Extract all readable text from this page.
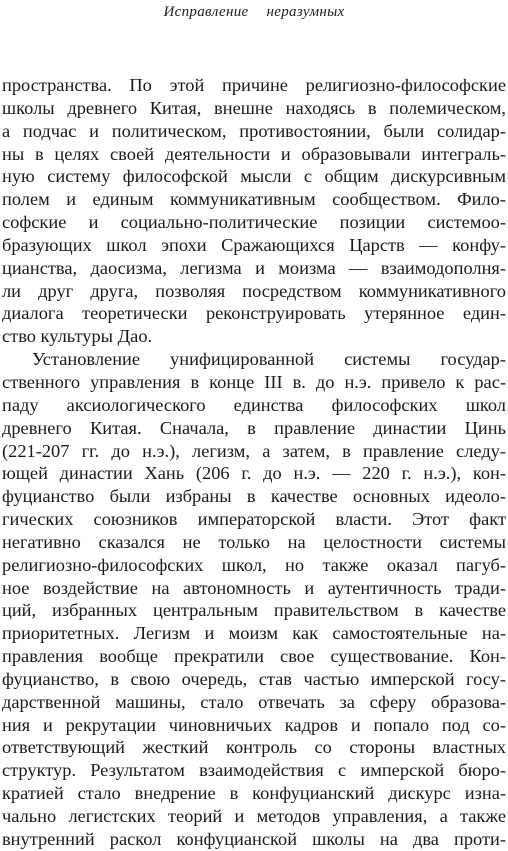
Исправление неразумных
пространства. По этой причине религиозно-философские
школы древнего Китая, внешне находясь в полемическом,
а подчас и политическом, противостоянии, были солидар-
ны в целях своей деятельности и образовывали интеграль-
ную систему философской мысли с общим дискурсивным
полем и единым коммуникативным сообществом. Фило-
софские и социально-политические позиции системоо-
бразующих школ эпохи Сражающихся Царств — конфу-
цианства, даосизма, легизма и моизма — взаимодополня-
ли друг друга, позволяя посредством коммуникативного
диалога теоретически реконструировать утерянное един-
ство культуры Дао.
Установление унифицированной системы государ-
ственного управления в конце III в. до н.э. привело к рас-
паду аксиологического единства философских школ
древнего Китая. Сначала, в правление династии Цинь
(221-207 гг. до н.э.), легизм, а затем, в правление следу-
ющей династии Хань (206 г. до н.э. — 220 г. н.э.), кон-
фуцианство были избраны в качестве основных идеоло-
гических союзников императорской власти. Этот факт
негативно сказался не только на целостности системы
религиозно-философских школ, но также оказал пагуб-
ное воздействие на автономность и аутентичность тради-
ций, избранных центральным правительством в качестве
приоритетных. Легизм и моизм как самостоятельные на-
правления вообще прекратили свое существование. Кон-
фуцианство, в свою очередь, став частью имперской госу-
дарственной машины, стало отвечать за сферу образова-
ния и рекрутации чиновничьих кадров и попало под со-
ответствующий жесткий контроль со стороны властных
структур. Результатом взаимодействия с имперской бюро-
кратией стало внедрение в конфуцианский дискурс изна-
чально легистских теорий и методов управления, а также
внутренний раскол конфуцианской школы на два проти-
